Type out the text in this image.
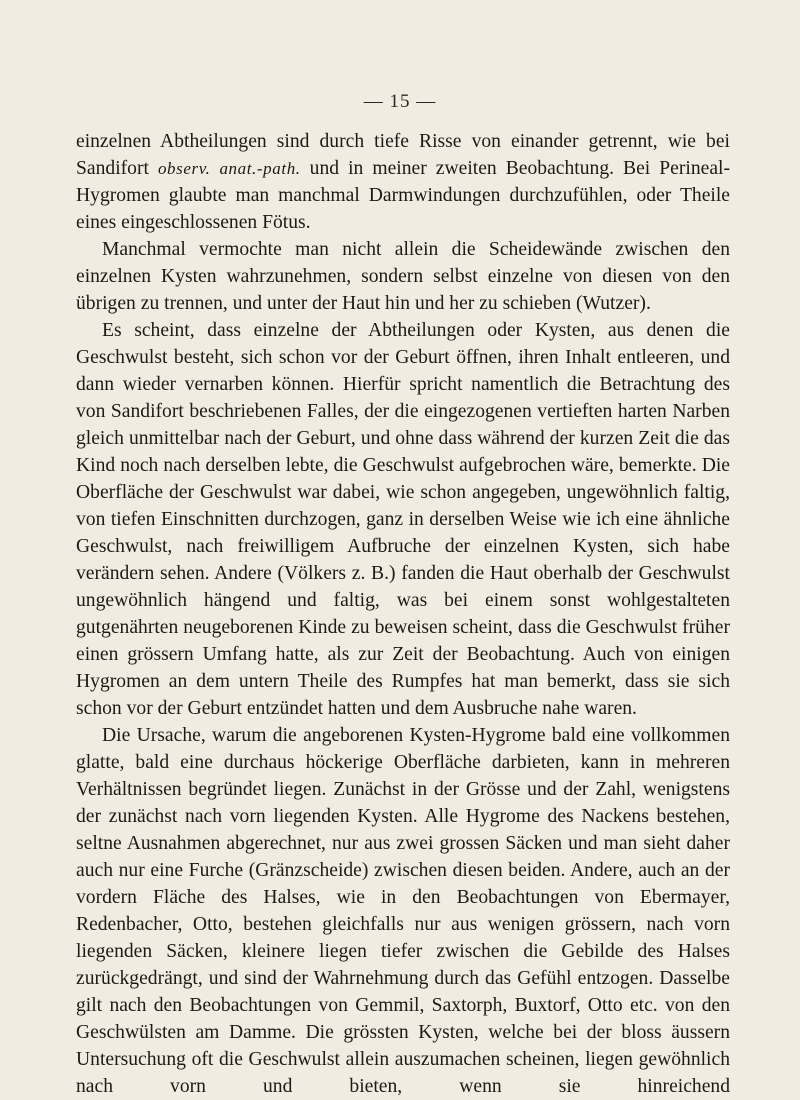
— 15 —

einzelnen Abtheilungen sind durch tiefe Risse von einander getrennt, wie bei Sandifort observ. anat.-path. und in meiner zweiten Beobachtung. Bei Perineal-Hygromen glaubte man manchmal Darmwindungen durchzufühlen, oder Theile eines eingeschlossenen Fötus.

Manchmal vermochte man nicht allein die Scheidewände zwischen den einzelnen Kysten wahrzunehmen, sondern selbst einzelne von diesen von den übrigen zu trennen, und unter der Haut hin und her zu schieben (Wutzer).

Es scheint, dass einzelne der Abtheilungen oder Kysten, aus denen die Geschwulst besteht, sich schon vor der Geburt öffnen, ihren Inhalt entleeren, und dann wieder vernarben können. Hierfür spricht namentlich die Betrachtung des von Sandifort beschriebenen Falles, der die eingezogenen vertieften harten Narben gleich unmittelbar nach der Geburt, und ohne dass während der kurzen Zeit die das Kind noch nach derselben lebte, die Geschwulst aufgebrochen wäre, bemerkte. Die Oberfläche der Geschwulst war dabei, wie schon angegeben, ungewöhnlich faltig, von tiefen Einschnitten durchzogen, ganz in derselben Weise wie ich eine ähnliche Geschwulst, nach freiwilligem Aufbruche der einzelnen Kysten, sich habe verändern sehen. Andere (Völkers z. B.) fanden die Haut oberhalb der Geschwulst ungewöhnlich hängend und faltig, was bei einem sonst wohlgestalteten gutgenährten neugeborenen Kinde zu beweisen scheint, dass die Geschwulst früher einen grössern Umfang hatte, als zur Zeit der Beobachtung. Auch von einigen Hygromen an dem untern Theile des Rumpfes hat man bemerkt, dass sie sich schon vor der Geburt entzündet hatten und dem Ausbruche nahe waren.

Die Ursache, warum die angeborenen Kysten-Hygrome bald eine vollkommen glatte, bald eine durchaus höckerige Oberfläche darbieten, kann in mehreren Verhältnissen begründet liegen. Zunächst in der Grösse und der Zahl, wenigstens der zunächst nach vorn liegenden Kysten. Alle Hygrome des Nackens bestehen, seltne Ausnahmen abgerechnet, nur aus zwei grossen Säcken und man sieht daher auch nur eine Furche (Gränzscheide) zwischen diesen beiden. Andere, auch an der vordern Fläche des Halses, wie in den Beobachtungen von Ebermayer, Redenbacher, Otto, bestehen gleichfalls nur aus wenigen grössern, nach vorn liegenden Säcken, kleinere liegen tiefer zwischen die Gebilde des Halses zurückgedrängt, und sind der Wahrnehmung durch das Gefühl entzogen. Dasselbe gilt nach den Beobachtungen von Gemmil, Saxtorph, Buxtorf, Otto etc. von den Geschwülsten am Damme. Die grössten Kysten, welche bei der bloss äussern Untersuchung oft die Geschwulst allein auszumachen scheinen, liegen gewöhnlich nach vorn und bieten, wenn sie hinreichend
